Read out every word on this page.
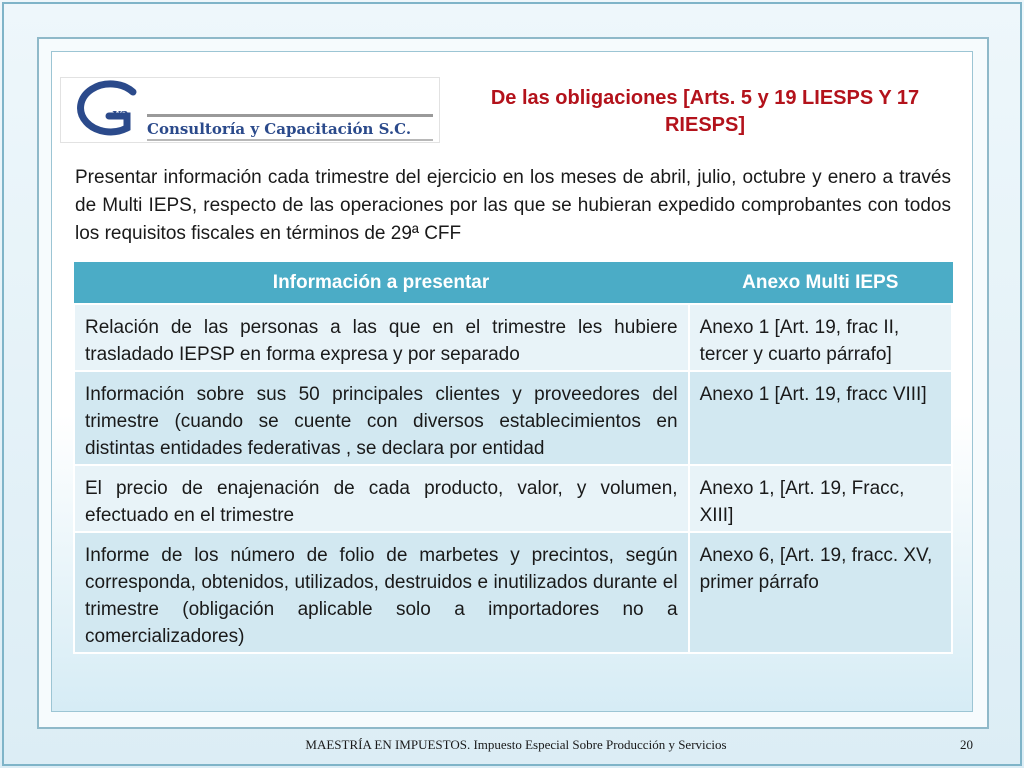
va
Consultoría y Capacitación S.C.
De las obligaciones [Arts. 5 y 19 LIESPS Y 17 RIESPS]
Presentar información cada trimestre del ejercicio en los meses de abril, julio, octubre y enero a través de Multi IEPS, respecto de las operaciones por las que se hubieran expedido comprobantes con todos los requisitos fiscales en términos de 29ª CFF
Información a presentar	Anexo Multi IEPS
Relación de las personas a las que en el trimestre les hubiere trasladado IEPSP en forma expresa y por separado	Anexo 1 [Art. 19, frac II, tercer y cuarto párrafo]
Información sobre sus 50 principales clientes y proveedores del trimestre (cuando se cuente con diversos establecimientos en distintas entidades federativas , se declara por entidad	Anexo 1 [Art. 19, fracc VIII]
El precio de enajenación de cada producto, valor, y volumen, efectuado en el trimestre	Anexo 1, [Art. 19, Fracc, XIII]
Informe de los número de folio de marbetes y precintos, según corresponda, obtenidos, utilizados, destruidos e inutilizados durante el trimestre (obligación aplicable solo a importadores no a comercializadores)	Anexo 6, [Art. 19, fracc. XV, primer párrafo
MAESTRÍA EN IMPUESTOS. Impuesto Especial Sobre Producción y Servicios	20
